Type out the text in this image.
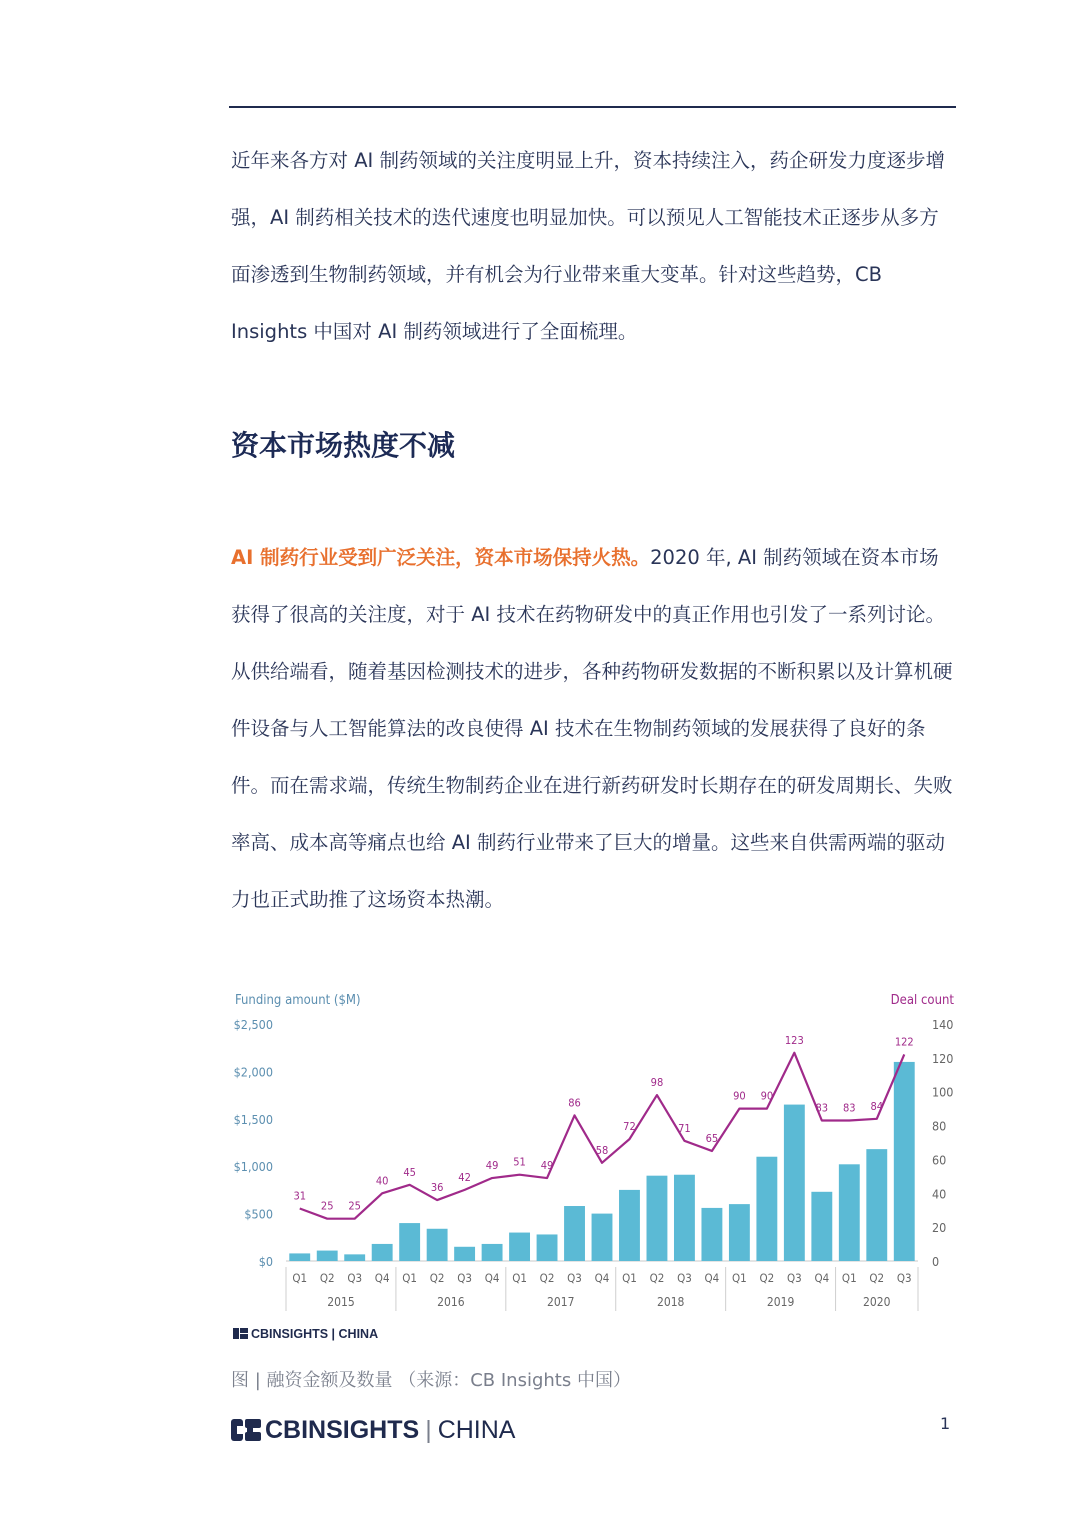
近年来各方对 AI 制药领域的关注度明显上升，资本持续注入，药企研发力度逐步增强，AI 制药相关技术的迭代速度也明显加快。可以预见人工智能技术正逐步从多方面渗透到生物制药领域，并有机会为行业带来重大变革。针对这些趋势，CB Insights 中国对 AI 制药领域进行了全面梳理。

资本市场热度不减

AI 制药行业受到广泛关注，资本市场保持火热。2020 年, AI 制药领域在资本市场获得了很高的关注度，对于 AI 技术在药物研发中的真正作用也引发了一系列讨论。从供给端看，随着基因检测技术的进步，各种药物研发数据的不断积累以及计算机硬件设备与人工智能算法的改良使得 AI 技术在生物制药领域的发展获得了良好的条件。而在需求端，传统生物制药企业在进行新药研发时长期存在的研发周期长、失败率高、成本高等痛点也给 AI 制药行业带来了巨大的增量。这些来自供需两端的驱动力也正式助推了这场资本热潮。

Funding amount ($M)	Deal count
$2,500
$2,000
$1,500
$1,000
$500
$0
140
120
100
80
60
40
20
0
31
25 25
40
45
36
42
49 51 49
86
58
72
98
71
65
90 90
123
83 83 84
122
Q1 Q2 Q3 Q4 Q1 Q2 Q3 Q4 Q1 Q2 Q3 Q4 Q1 Q2 Q3 Q4 Q1 Q2 Q3 Q4 Q1 Q2 Q3
2015	2016	2017	2018	2019	2020
CBINSIGHTS | CHINA

图 | 融资金额及数量 （来源：CB Insights 中国）

CBINSIGHTS | CHINA	1
